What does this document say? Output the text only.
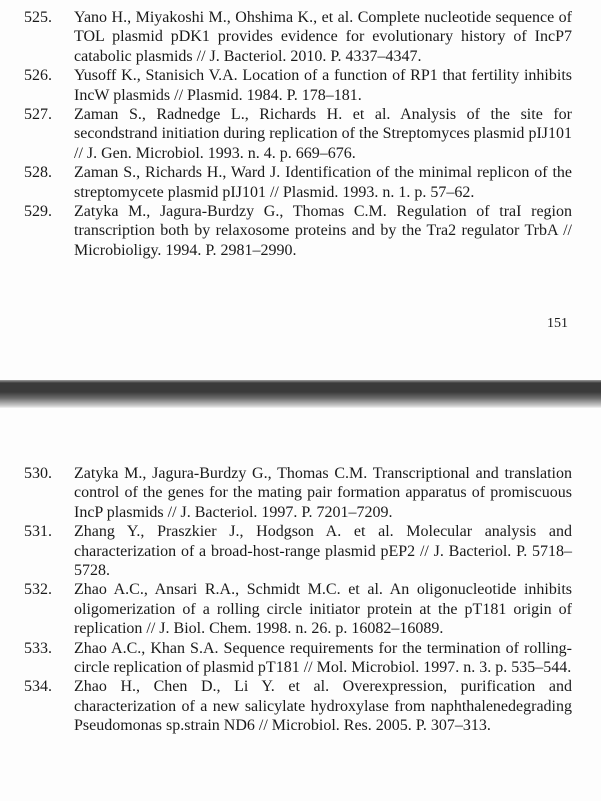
525.	Yano H., Miyakoshi M., Ohshima K., et al. Complete nucleotide sequence of TOL plasmid pDK1 provides evidence for evolutionary history of IncP7 catabolic plasmids // J. Bacteriol. 2010. P. 4337–4347.
526.	Yusoff K., Stanisich V.A. Location of a function of RP1 that fertility inhibits IncW plasmids // Plasmid. 1984. P. 178–181.
527.	Zaman S., Radnedge L., Richards H. et al. Analysis of the site for secondstrand initiation during replication of the Streptomyces plasmid pIJ101 // J. Gen. Microbiol. 1993. n. 4. p. 669–676.
528.	Zaman S., Richards H., Ward J. Identification of the minimal replicon of the streptomycete plasmid pIJ101 // Plasmid. 1993. n. 1. p. 57–62.
529.	Zatyka M., Jagura-Burdzy G., Thomas C.M. Regulation of traI region transcription both by relaxosome proteins and by the Tra2 regulator TrbA // Microbioligy. 1994. P. 2981–2990.
151
530.	Zatyka M., Jagura-Burdzy G., Thomas C.M. Transcriptional and translation control of the genes for the mating pair formation apparatus of promiscuous IncP plasmids // J. Bacteriol. 1997. P. 7201–7209.
531.	Zhang Y., Praszkier J., Hodgson A. et al. Molecular analysis and characterization of a broad-host-range plasmid pEP2 // J. Bacteriol. P. 5718–5728.
532.	Zhao A.C., Ansari R.A., Schmidt M.C. et al. An oligonucleotide inhibits oligomerization of a rolling circle initiator protein at the pT181 origin of replication // J. Biol. Chem. 1998. n. 26. p. 16082–16089.
533.	Zhao A.C., Khan S.A. Sequence requirements for the termination of rolling-circle replication of plasmid pT181 // Mol. Microbiol. 1997. n. 3. p. 535–544.
534.	Zhao H., Chen D., Li Y. et al. Overexpression, purification and characterization of a new salicylate hydroxylase from naphthalenedegrading Pseudomonas sp.strain ND6 // Microbiol. Res. 2005. P. 307–313.
